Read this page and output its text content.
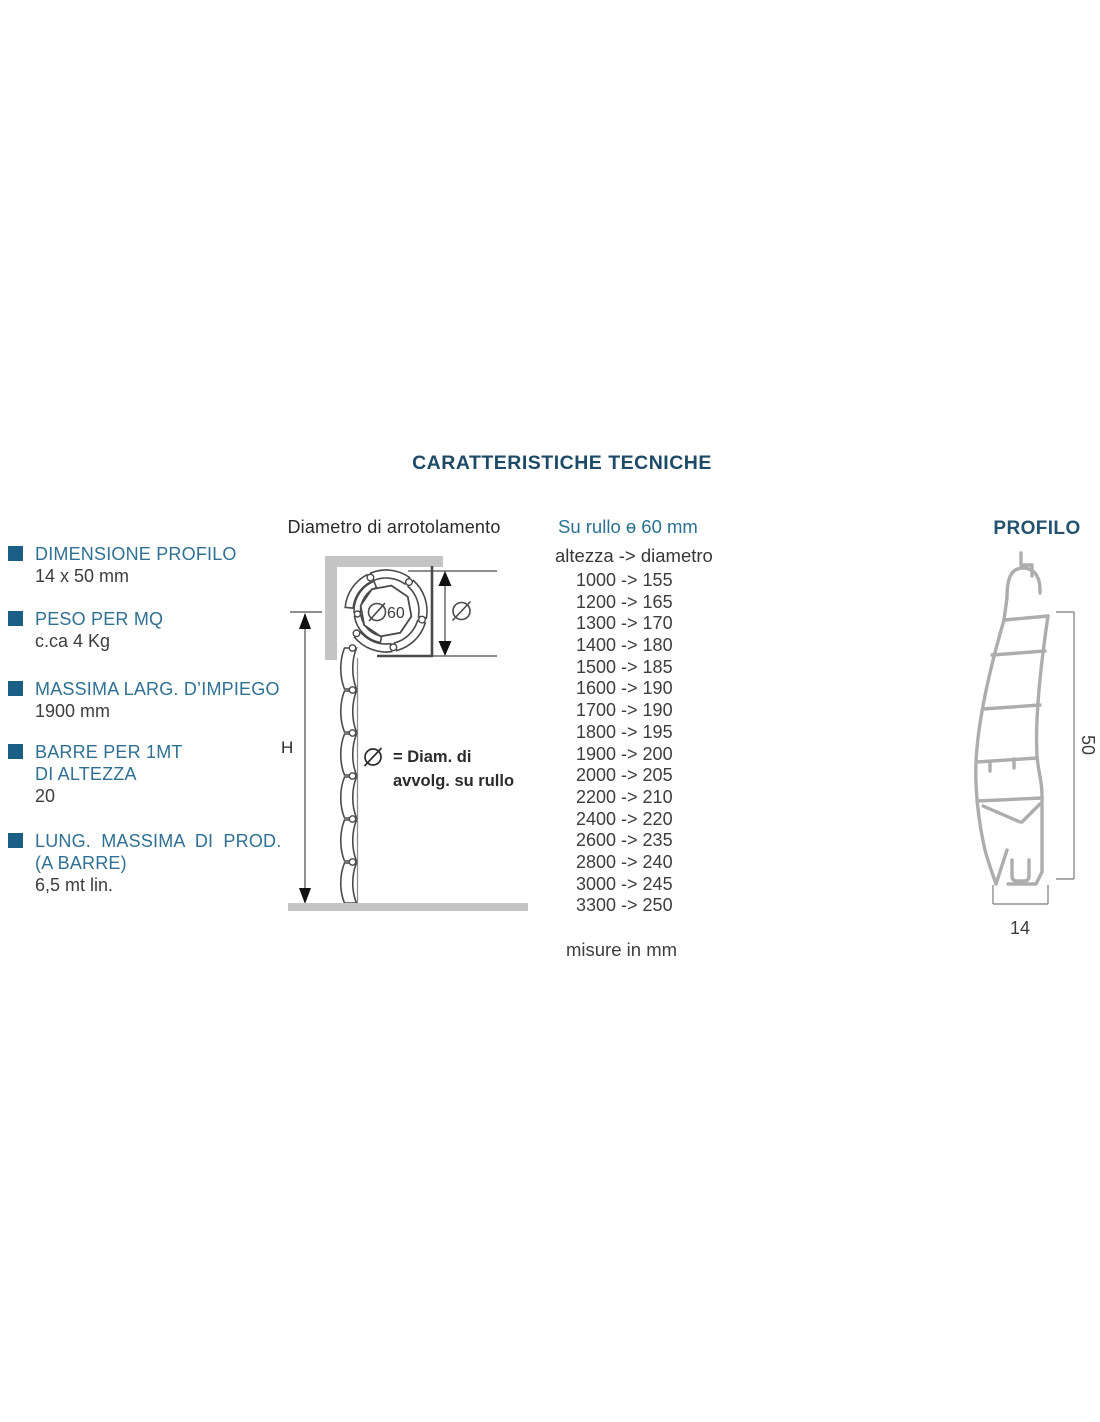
CARATTERISTICHE TECNICHE
DIMENSIONE PROFILO
14 x 50 mm
PESO PER MQ
c.ca 4 Kg
MASSIMA LARG. D’IMPIEGO
1900 mm
BARRE PER 1MT
DI ALTEZZA
20
LUNG. MASSIMA DI PROD.
(A BARRE)
6,5 mt lin.
Diametro di arrotolamento
60
H	= Diam. di
avvolg. su rullo
Su rullo ɵ 60 mm
altezza -> diametro
1000 -> 155
1200 -> 165
1300 -> 170
1400 -> 180
1500 -> 185
1600 -> 190
1700 -> 190
1800 -> 195
1900 -> 200
2000 -> 205
2200 -> 210
2400 -> 220
2600 -> 235
2800 -> 240
3000 -> 245
3300 -> 250
misure in mm
PROFILO
50
14
